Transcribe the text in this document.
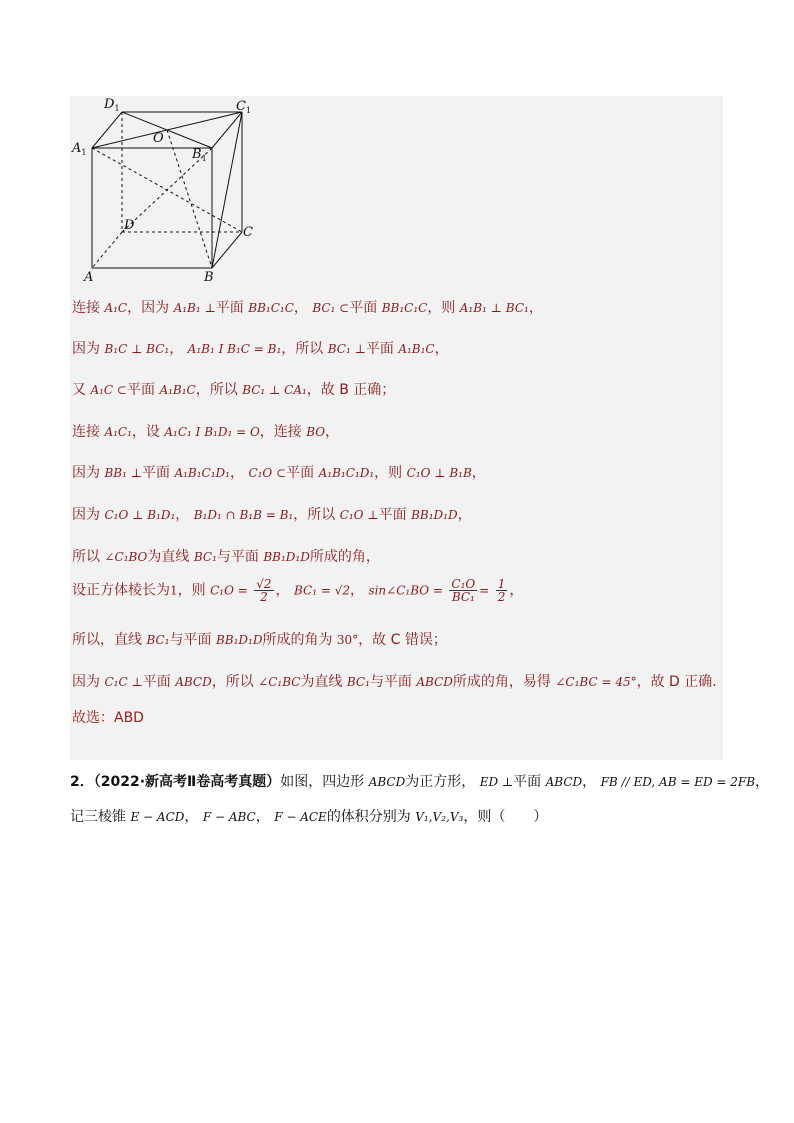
$D_1$	$C_1$
O
$A_1$	$B_1$
D	C
A	B
连接 A₁C，因为 A₁B₁ ⊥平面 BB₁C₁C， BC₁ ⊂平面 BB₁C₁C，则 A₁B₁ ⊥ BC₁，
因为 B₁C ⊥ BC₁， A₁B₁ I B₁C = B₁，所以 BC₁ ⊥平面 A₁B₁C，
又 A₁C ⊂平面 A₁B₁C，所以 BC₁ ⊥ CA₁，故 B 正确；
连接 A₁C₁，设 A₁C₁ I B₁D₁ = O，连接 BO，
因为 BB₁ ⊥平面 A₁B₁C₁D₁， C₁O ⊂平面 A₁B₁C₁D₁，则 C₁O ⊥ B₁B，
因为 C₁O ⊥ B₁D₁， B₁D₁ ∩ B₁B = B₁，所以 C₁O ⊥平面 BB₁D₁D，
所以 ∠C₁BO为直线 BC₁与平面 BB₁D₁D所成的角，
设正方体棱长为1，则 $C_1O = \frac{√2}{2}$ ， BC₁ = √2， sin∠C₁BO = $\frac{\text{C₁O}}{\text{BC₁}} = \frac{1}{2}$ ，
所以，直线 BC₁与平面 BB₁D₁D所成的角为 30°，故 C 错误；
因为 C₁C ⊥平面 ABCD，所以 ∠C₁BC为直线 BC₁与平面 ABCD所成的角，易得 ∠C₁BC = 45°，故 D 正确.
故选：ABD
2．（2022·新高考Ⅱ卷高考真题）如图，四边形 ABCD为正方形， ED ⊥平面 ABCD， FB // ED, AB = ED = 2FB，
记三棱锥 E − ACD， F − ABC， F − ACE的体积分别为 V₁,V₂,V₃，则（　　）
